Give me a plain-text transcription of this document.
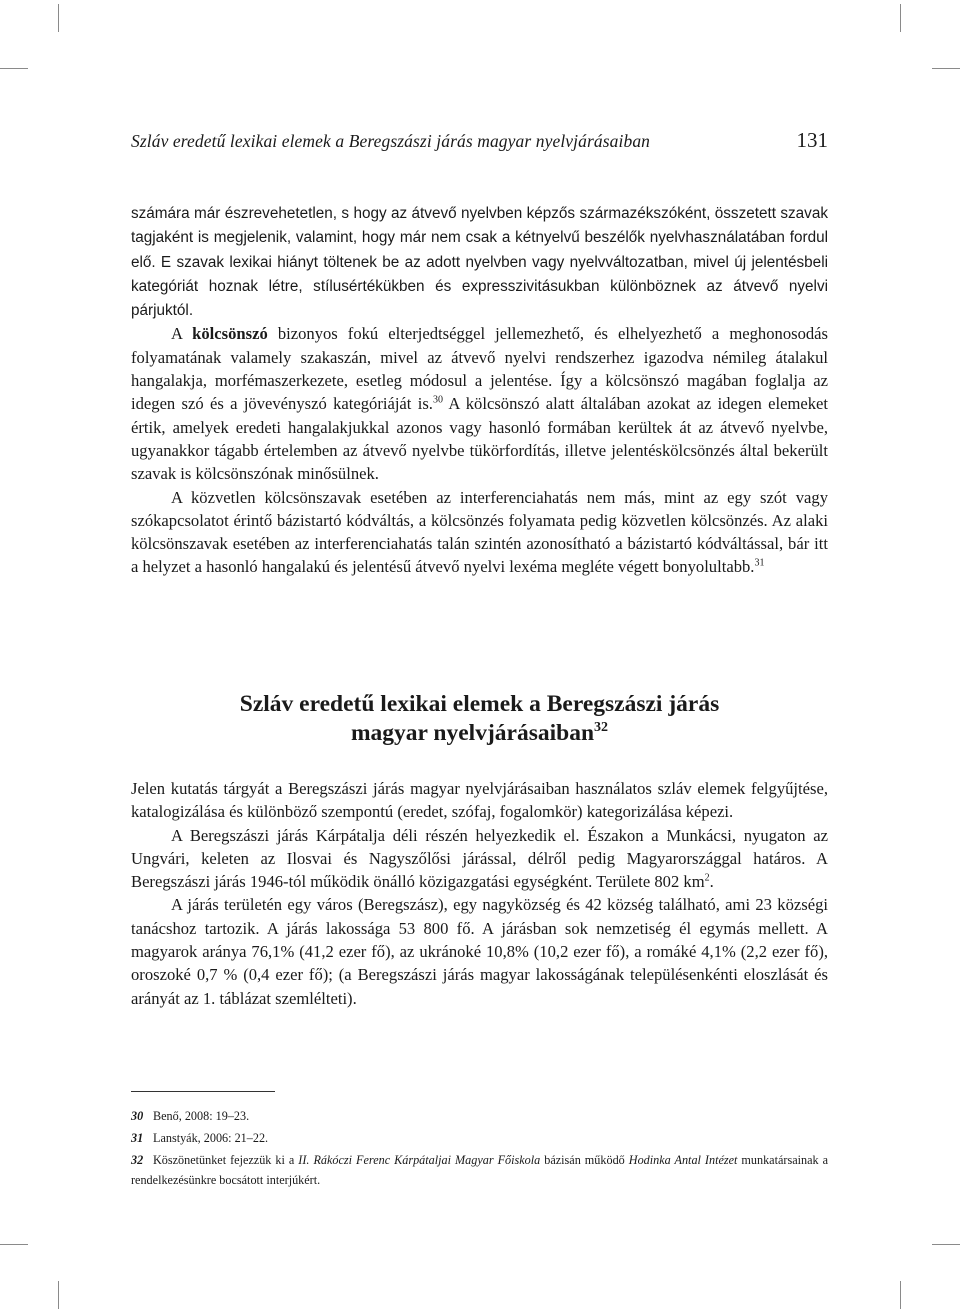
Szláv eredetű lexikai elemek a Beregszászi járás magyar nyelvjárásaiban	131

számára már észrevehetetlen, s hogy az átvevő nyelvben képzős származékszóként, összetett szavak tagjaként is megjelenik, valamint, hogy már nem csak a kétnyelvű beszélők nyelvhasználatában fordul elő. E szavak lexikai hiányt töltenek be az adott nyelvben vagy nyelvváltozatban, mivel új jelentésbeli kategóriát hoznak létre, stílusértékükben és expresszivitásukban különböznek az átvevő nyelvi párjuktól.

A kölcsönszó bizonyos fokú elterjedtséggel jellemezhető, és elhelyezhető a meghonosodás folyamatának valamely szakaszán, mivel az átvevő nyelvi rendszerhez igazodva némileg átalakul hangalakja, morfémaszerkezete, esetleg módosul a jelentése. Így a kölcsönszó magában foglalja az idegen szó és a jövevényszó kategóriáját is.$^{30}$ A kölcsönszó alatt általában azokat az idegen elemeket értik, amelyek eredeti hangalakjukkal azonos vagy hasonló formában kerültek át az átvevő nyelvbe, ugyanakkor tágabb értelemben az átvevő nyelvbe tükörfordítás, illetve jelentéskölcsönzés által bekerült szavak is kölcsönszónak minősülnek.

A közvetlen kölcsönszavak esetében az interferenciahatás nem más, mint az egy szót vagy szókapcsolatot érintő bázistartó kódváltás, a kölcsönzés folyamata pedig közvetlen kölcsönzés. Az alaki kölcsönszavak esetében az interferenciahatás talán szintén azonosítható a bázistartó kódváltással, bár itt a helyzet a hasonló hangalakú és jelentésű átvevő nyelvi lexéma megléte végett bonyolultabb.$^{31}$

Szláv eredetű lexikai elemek a Beregszászi járás
magyar nyelvjárásaiban$^{32}$

Jelen kutatás tárgyát a Beregszászi járás magyar nyelvjárásaiban használatos szláv elemek felgyűjtése, katalogizálása és különböző szempontú (eredet, szófaj, fogalomkör) kategorizálása képezi.

A Beregszászi járás Kárpátalja déli részén helyezkedik el. Északon a Munkácsi, nyugaton az Ungvári, keleten az Ilosvai és Nagyszőlősi járással, délről pedig Magyarországgal határos. A Beregszászi járás 1946-tól működik önálló közigazgatási egységként. Területe 802 $km^2$.

A járás területén egy város (Beregszász), egy nagyközség és 42 község található, ami 23 községi tanácshoz tartozik. A járás lakossága 53 800 fő. A járásban sok nemzetiség él egymás mellett. A magyarok aránya 76,1% (41,2 ezer fő), az ukránoké 10,8% (10,2 ezer fő), a romáké 4,1% (2,2 ezer fő), oroszoké 0,7 % (0,4 ezer fő); (a Beregszászi járás magyar lakosságának településenkénti eloszlását és arányát az 1. táblázat szemlélteti).

30 Benő, 2008: 19–23.

31 Lanstyák, 2006: 21–22.

32 Köszönetünket fejezzük ki a II. Rákóczi Ferenc Kárpátaljai Magyar Főiskola bázisán működő Hodinka Antal Intézet munkatársainak a rendelkezésünkre bocsátott interjúkért.
